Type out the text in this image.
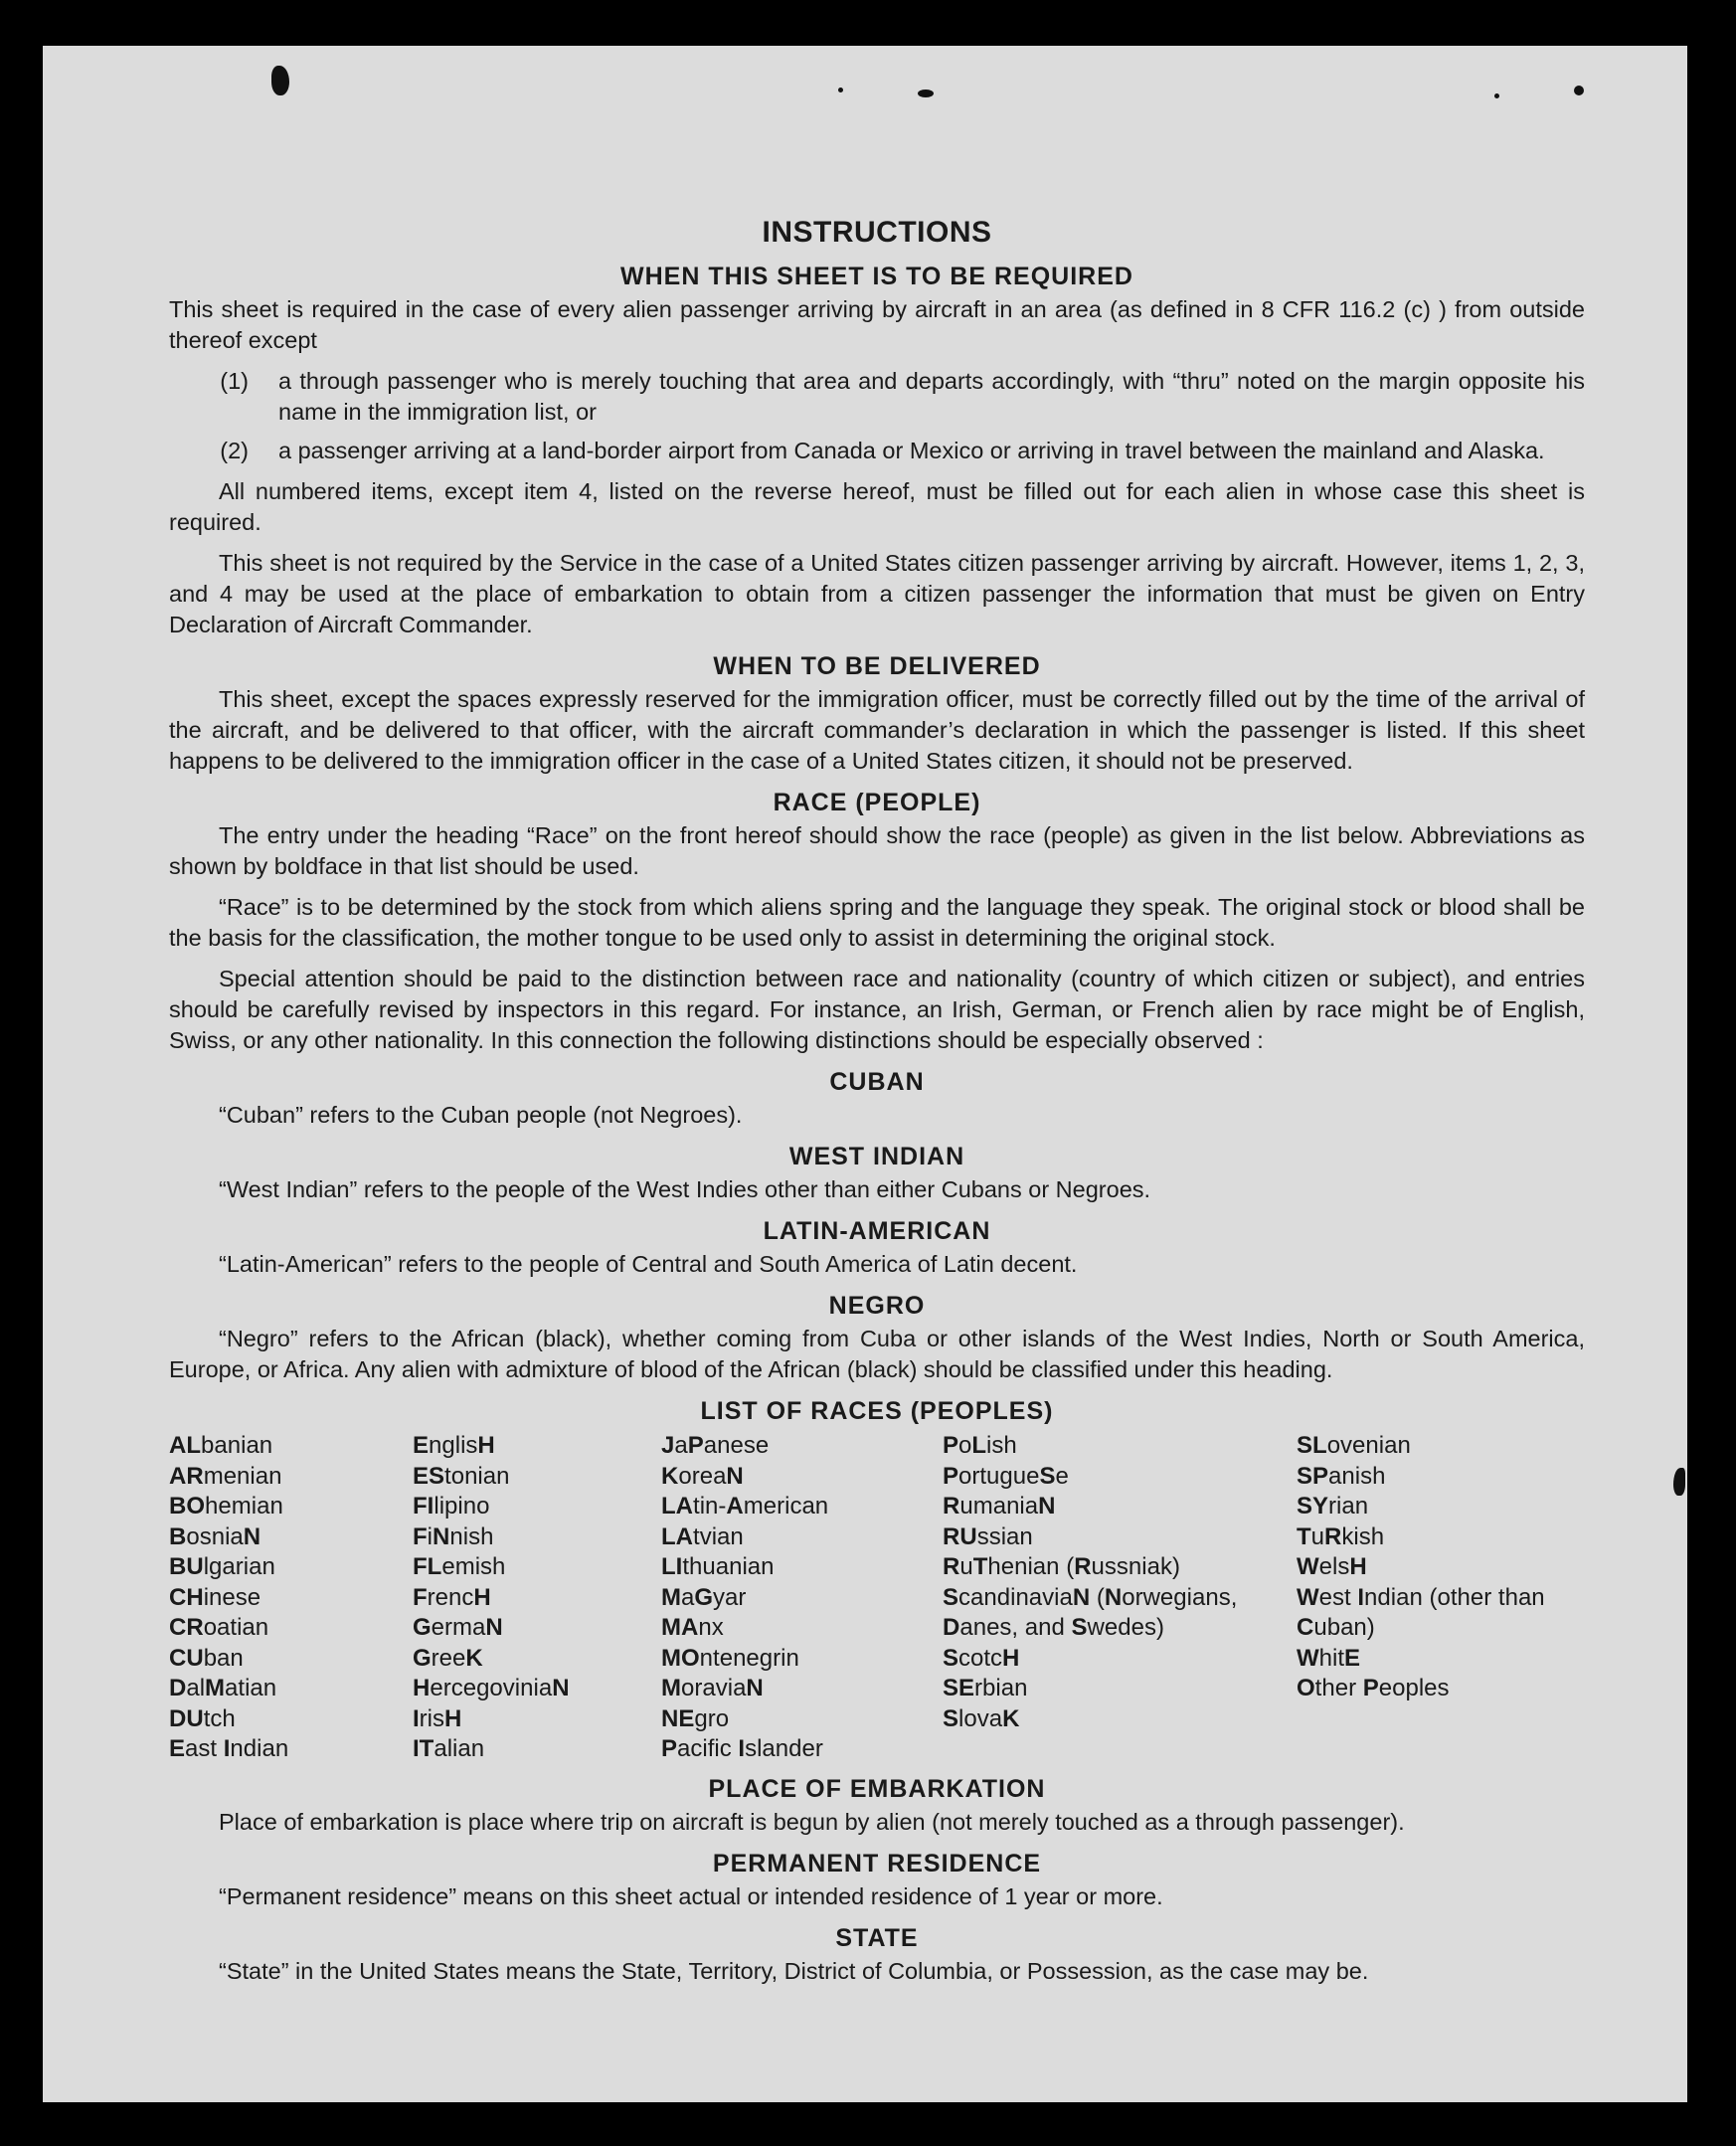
INSTRUCTIONS
WHEN THIS SHEET IS TO BE REQUIRED

This sheet is required in the case of every alien passenger arriving by aircraft in an area (as defined in 8 CFR 116.2 (c) ) from outside thereof except

(1)	a through passenger who is merely touching that area and departs accordingly, with “thru” noted on the margin opposite his name in the immigration list, or
(2)	a passenger arriving at a land-border airport from Canada or Mexico or arriving in travel between the mainland and Alaska.

All numbered items, except item 4, listed on the reverse hereof, must be filled out for each alien in whose case this sheet is required.

This sheet is not required by the Service in the case of a United States citizen passenger arriving by aircraft. However, items 1, 2, 3, and 4 may be used at the place of embarkation to obtain from a citizen passenger the information that must be given on Entry Declaration of Aircraft Commander.

WHEN TO BE DELIVERED

This sheet, except the spaces expressly reserved for the immigration officer, must be correctly filled out by the time of the arrival of the aircraft, and be delivered to that officer, with the aircraft commander’s declaration in which the passenger is listed. If this sheet happens to be delivered to the immigration officer in the case of a United States citizen, it should not be preserved.

RACE (PEOPLE)

The entry under the heading “Race” on the front hereof should show the race (people) as given in the list below. Abbreviations as shown by boldface in that list should be used.

“Race” is to be determined by the stock from which aliens spring and the language they speak. The original stock or blood shall be the basis for the classification, the mother tongue to be used only to assist in determining the original stock.

Special attention should be paid to the distinction between race and nationality (country of which citizen or subject), and entries should be carefully revised by inspectors in this regard. For instance, an Irish, German, or French alien by race might be of English, Swiss, or any other nationality. In this connection the following distinctions should be especially observed :

CUBAN

“Cuban” refers to the Cuban people (not Negroes).

WEST INDIAN

“West Indian” refers to the people of the West Indies other than either Cubans or Negroes.

LATIN-AMERICAN

“Latin-American” refers to the people of Central and South America of Latin decent.

NEGRO

“Negro” refers to the African (black), whether coming from Cuba or other islands of the West Indies, North or South America, Europe, or Africa. Any alien with admixture of blood of the African (black) should be classified under this heading.

LIST OF RACES (PEOPLES)
ALbanian
ARmenian
BOhemian
BosniaN
BUlgarian
CHinese
CRoatian
CUban
DalMatian
DUtch
East Indian
EnglisH
EStonian
FIlipino
FiNnish
FLemish
FrencH
GermaN
GreeK
HercegoviniaN
IrisH
ITalian
JaPanese
KoreaN
LAtin-American
LAtvian
LIthuanian
MaGyar
MAnx
MOntenegrin
MoraviaN
NEgro
Pacific Islander
PoLish
PortugueSe
RumaniaN
RUssian
RuThenian (Russniak)
ScandinaviaN (Norwegians, Danes, and Swedes)
ScotcH
SErbian
SlovaK
SLovenian
SPanish
SYrian
TuRkish
WelsH
West Indian (other than Cuban)
WhitE
Other Peoples
PLACE OF EMBARKATION

Place of embarkation is place where trip on aircraft is begun by alien (not merely touched as a through passenger).

PERMANENT RESIDENCE

“Permanent residence” means on this sheet actual or intended residence of 1 year or more.

STATE

“State” in the United States means the State, Territory, District of Columbia, or Possession, as the case may be.
